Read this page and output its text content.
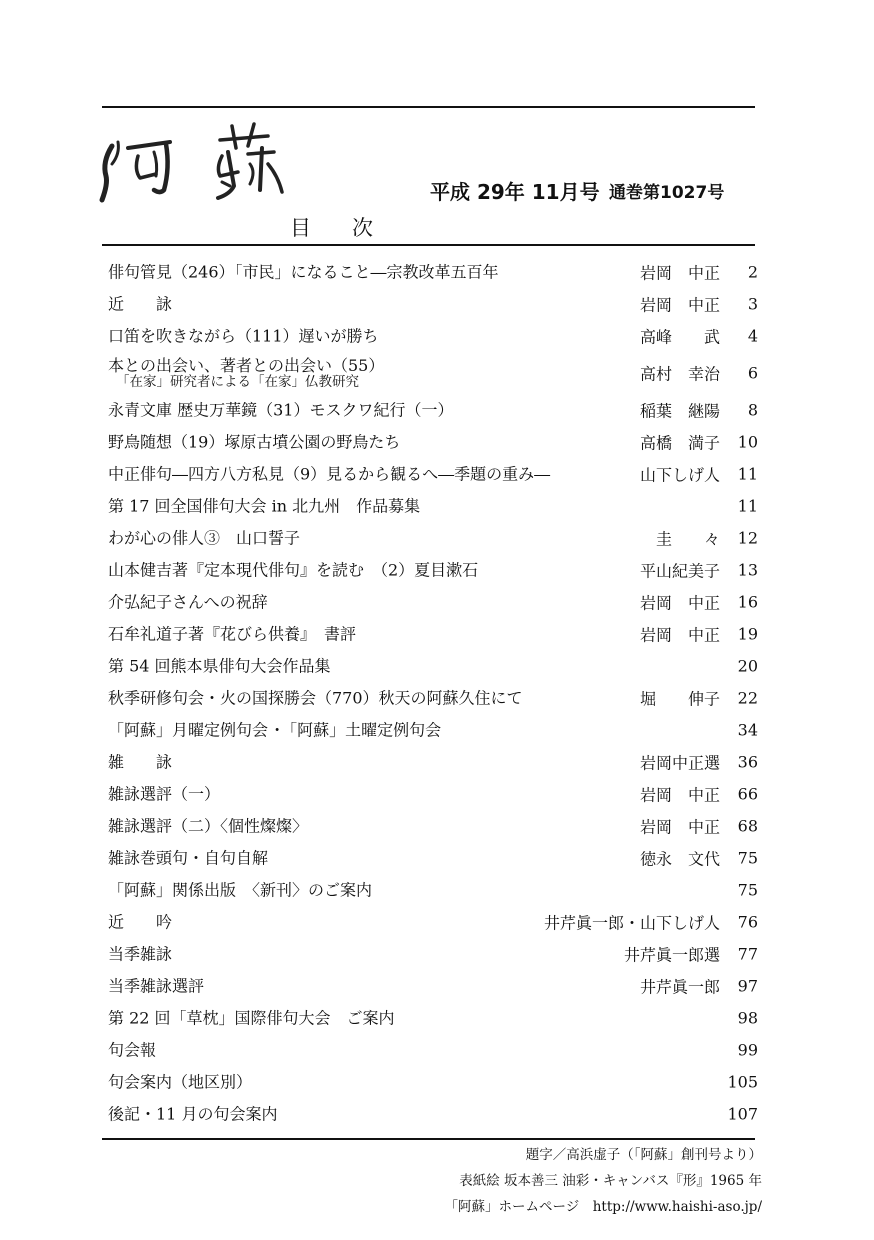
平成 29年 11月号 通巻第1027号
目　次
俳句管見（246）「市民」になること―宗教改革五百年	岩岡　中正 2
近　　詠	岩岡　中正 3
口笛を吹きながら（111）遅いが勝ち	高峰　　武 4
本との出会い、著者との出会い（55）
「在家」研究者による「在家」仏教研究	高村　幸治 6
永青文庫 歴史万華鏡（31）モスクワ紀行（一）	稲葉　継陽 8
野鳥随想（19）塚原古墳公園の野鳥たち	高橋　満子 10
中正俳句―四方八方私見（9）見るから観るへ―季題の重み―	山下しげ人 11
第 17 回全国俳句大会 in 北九州　作品募集	11
わが心の俳人③　山口誓子	圭　　々 12
山本健吉著『定本現代俳句』を読む　（2）夏目漱石	平山紀美子 13
介弘紀子さんへの祝辞	岩岡　中正 16
石牟礼道子著『花びら供養』　書評	岩岡　中正 19
第 54 回熊本県俳句大会作品集	20
秋季研修句会・火の国探勝会（770）秋天の阿蘇久住にて	堀　　伸子 22
「阿蘇」月曜定例句会 ･「阿蘇」土曜定例句会	34
雑　　詠	岩岡中正選 36
雑詠選評（一）	岩岡　中正 66
雑詠選評（二）〈個性燦燦〉	岩岡　中正 68
雑詠巻頭句・自句自解	徳永　文代 75
「阿蘇」関係出版　〈新刊〉のご案内	75
近　　吟	井芹眞一郎・山下しげ人 76
当季雑詠	井芹眞一郎選 77
当季雑詠選評	井芹眞一郎 97
第 22 回「草枕」国際俳句大会　ご案内	98
句会報	99
句会案内（地区別）	105
後記・11 月の句会案内	107
題字／高浜虚子（「阿蘇」創刊号より）
表紙絵 坂本善三 油彩・キャンバス『形』1965 年
「阿蘇」ホームページ　http://www.haishi-aso.jp/
